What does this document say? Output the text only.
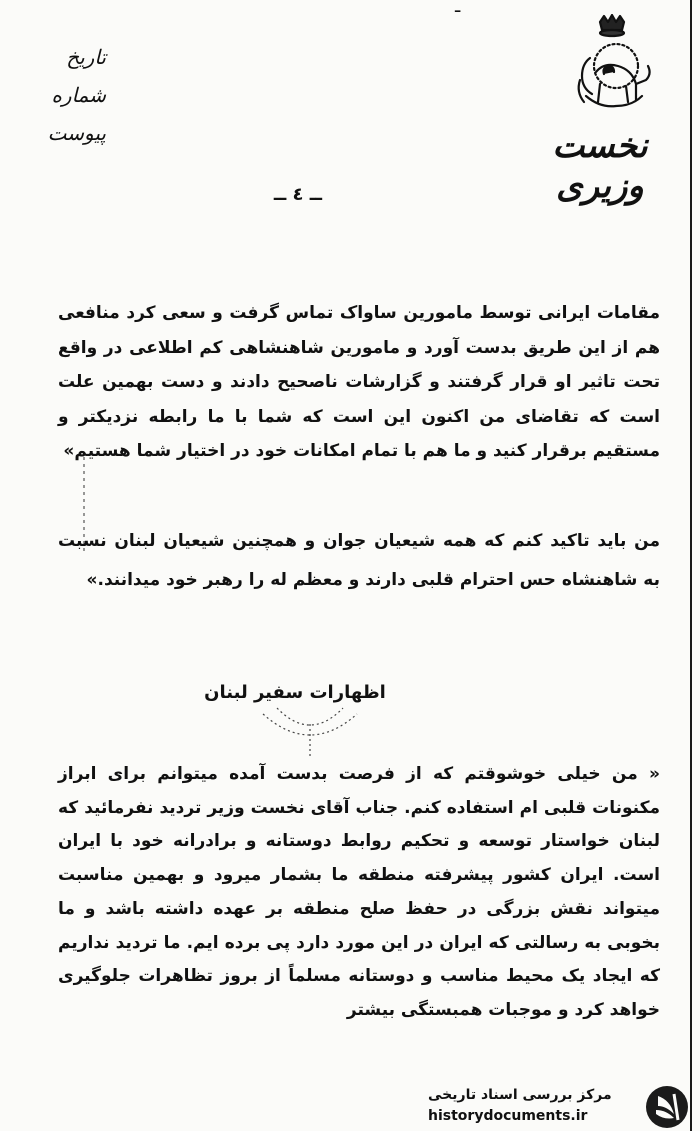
ـ
تاریخ
شماره
پیوست	نخست وزیری
ــ ٤ ــ
مقامات ایرانی توسط مامورین ساواک تماس گرفت و سعی کرد منافعی هم از این طریق بدست آورد و مامورین شاهنشاهی کم اطلاعی در واقع تحت تاثیر او قرار گرفتند و گزارشات ناصحیح دادند و دست بهمین علت است که تقاضای من اکنون این است که شما با ما رابطه نزدیکتر و مستقیم برقرار کنید و ما هم با تمام امکانات خود در اختیار شما هستیم»
من باید تاکید کنم که همه شیعیان جوان و همچنین شیعیان لبنان نسبت به شاهنشاه حس احترام قلبی دارند و معظم له را رهبر خود میدانند.»
اظهارات سفیر لبنان
« من خیلی خوشوقتم که از فرصت بدست آمده میتوانم برای ابراز مکنونات قلبی ام استفاده کنم. جناب آقای نخست وزیر تردید نفرمائید که لبنان خواستار توسعه و تحکیم روابط دوستانه و برادرانه خود با ایران است. ایران کشور پیشرفته منطقه ما بشمار میرود و بهمین مناسبت میتواند نقش بزرگی در حفظ صلح منطقه بر عهده داشته باشد و ما بخوبی به رسالتی که ایران در این مورد دارد پی برده ایم. ما تردید نداریم که ایجاد یک محیط مناسب و دوستانه مسلماً از بروز تظاهرات جلوگیری خواهد کرد و موجبات همبستگی بیشتر
مرکز بررسی اسناد تاریخی
historydocuments.ir
